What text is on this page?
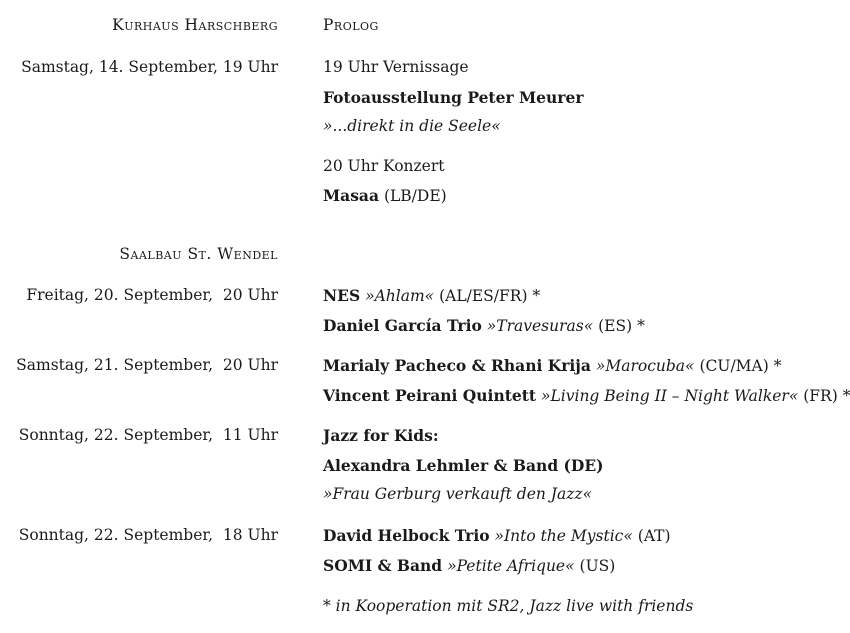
Kurhaus Harschberg	Prolog
Samstag, 14. September, 19 Uhr	19 Uhr Vernissage
Fotoausstellung Peter Meurer
»...direkt in die Seele«
20 Uhr Konzert
Masaa (LB/DE)
Saalbau St. Wendel
Freitag, 20. September,  20 Uhr	NES »Ahlam« (AL/ES/FR) *
Daniel García Trio »Travesuras« (ES) *
Samstag, 21. September,  20 Uhr	Marialy Pacheco & Rhani Krija »Marocuba« (CU/MA) *
Vincent Peirani Quintett »Living Being II – Night Walker« (FR) *
Sonntag, 22. September,  11 Uhr	Jazz for Kids:
Alexandra Lehmler & Band (DE)
»Frau Gerburg verkauft den Jazz«
Sonntag, 22. September,  18 Uhr	David Helbock Trio »Into the Mystic« (AT)
SOMI & Band »Petite Afrique« (US)
* in Kooperation mit SR2, Jazz live with friends
